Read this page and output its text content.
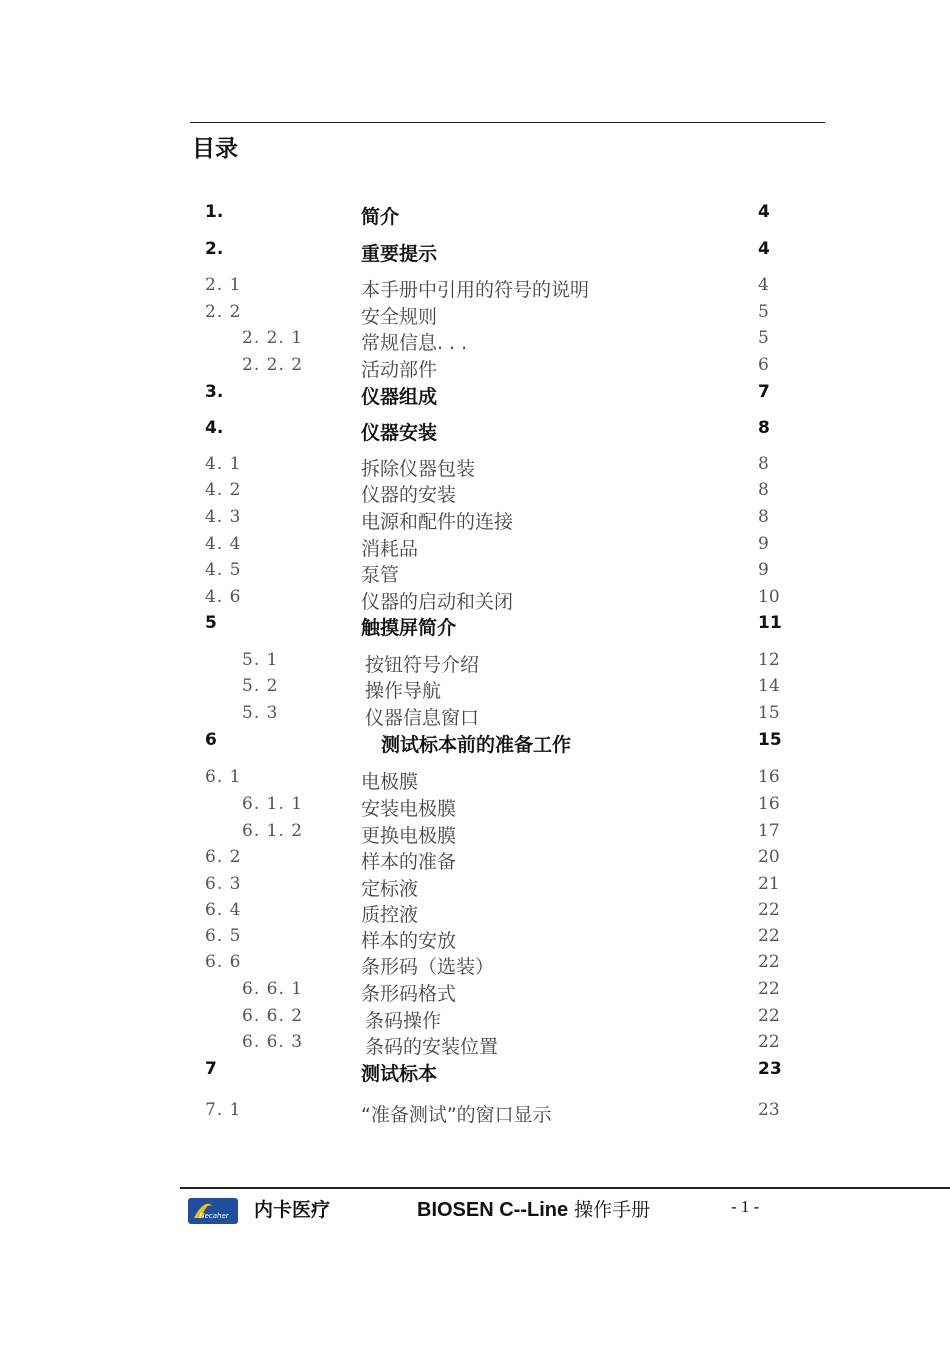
目录
1.	简介	4
2.	重要提示	4
2. 1	本手册中引用的符号的说明	4
2. 2	安全规则	5
2. 2. 1	常规信息. . .	5
2. 2. 2	活动部件	6
3.	仪器组成	7
4.	仪器安装	8
4. 1	拆除仪器包装	8
4. 2	仪器的安装	8
4. 3	电源和配件的连接	8
4. 4	消耗品	9
4. 5	泵管	9
4. 6	仪器的启动和关闭	10
5	触摸屏简介	11
5. 1	按钮符号介绍	12
5. 2	操作导航	14
5. 3	仪器信息窗口	15
6	测试标本前的准备工作	15
6. 1	电极膜	16
6. 1. 1	安装电极膜	16
6. 1. 2	更换电极膜	17
6. 2	样本的准备	20
6. 3	定标液	21
6. 4	质控液	22
6. 5	样本的安放	22
6. 6	条形码（选装）	22
6. 6. 1	条形码格式	22
6. 6. 2	条码操作	22
6. 6. 3	条码的安装位置	22
7	测试标本	23
7. 1	“准备测试”的窗口显示	23
Necaher 内卡医疗	BIOSEN C--Line 操作手册	- 1 -
